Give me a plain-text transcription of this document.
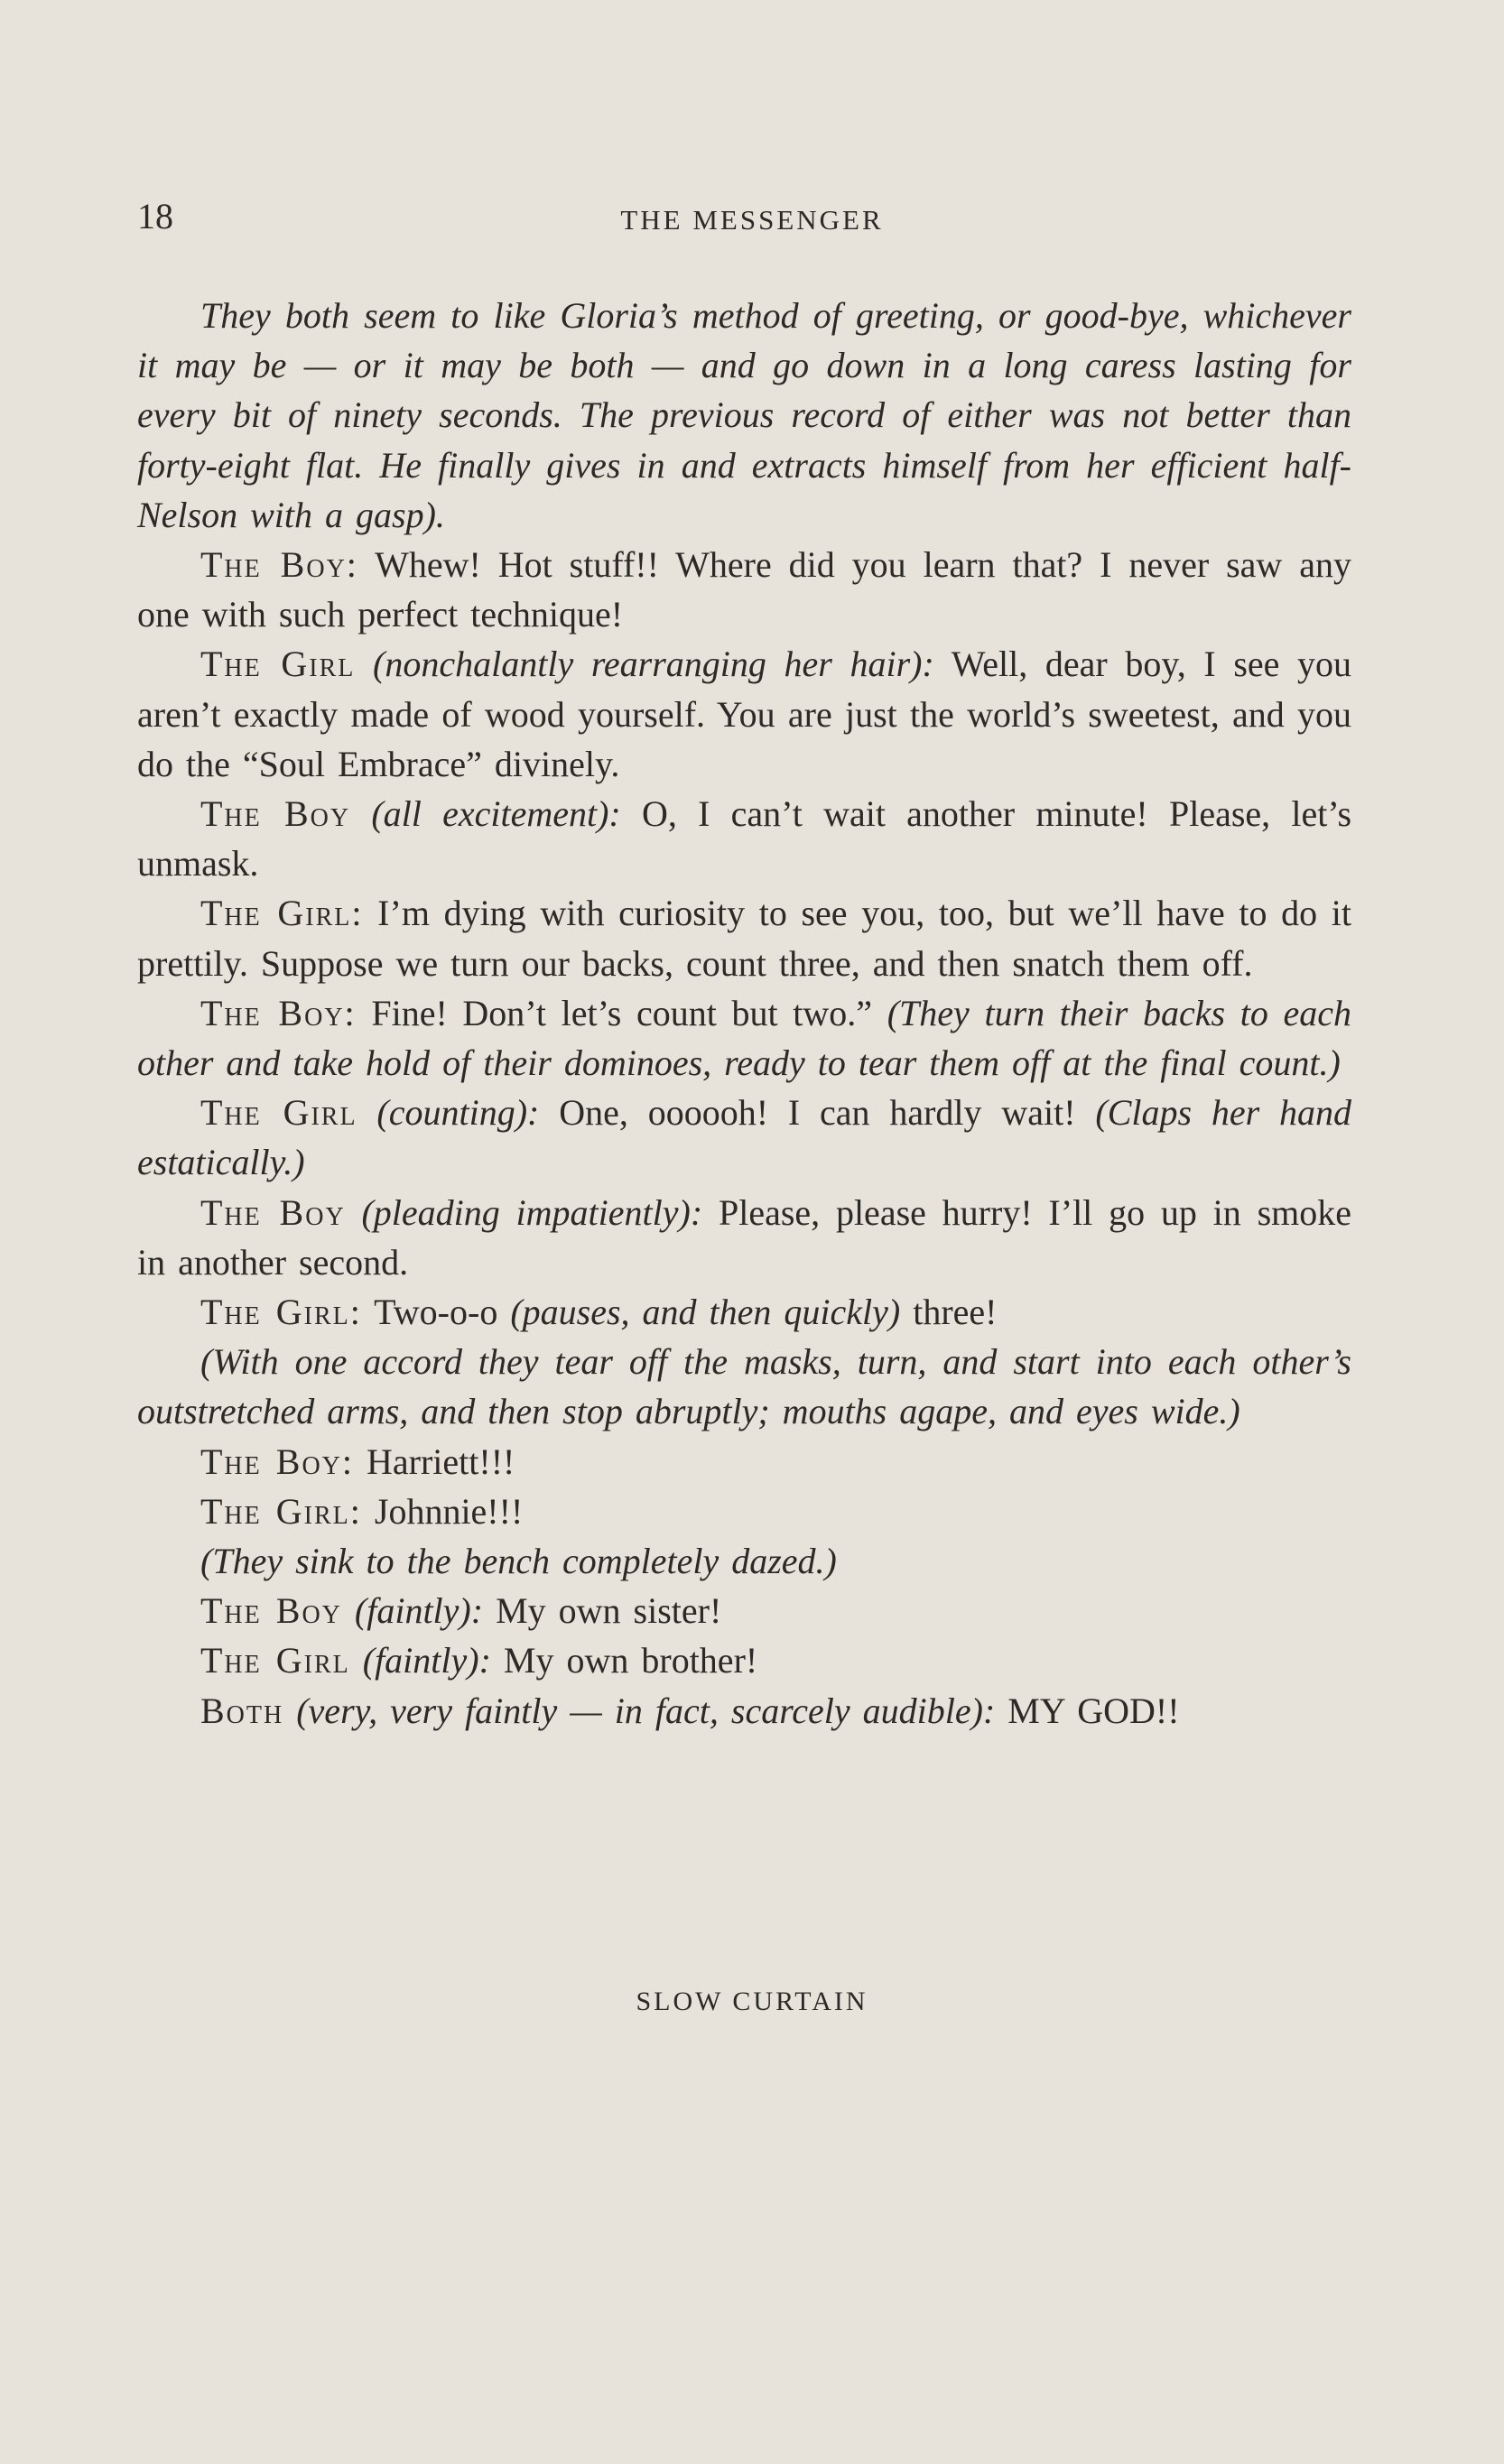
18	THE MESSENGER

They both seem to like Gloria’s method of greeting, or good-bye, whichever it may be — or it may be both — and go down in a long caress lasting for every bit of ninety seconds. The previous record of either was not better than forty-eight flat. He finally gives in and extracts himself from her efficient half-Nelson with a gasp).

The Boy: Whew! Hot stuff!! Where did you learn that? I never saw any one with such perfect technique!

The Girl (nonchalantly rearranging her hair): Well, dear boy, I see you aren’t exactly made of wood yourself. You are just the world’s sweetest, and you do the “Soul Embrace” divinely.

The Boy (all excitement): O, I can’t wait another minute! Please, let’s unmask.

The Girl: I’m dying with curiosity to see you, too, but we’ll have to do it prettily. Suppose we turn our backs, count three, and then snatch them off.

The Boy: Fine! Don’t let’s count but two.” (They turn their backs to each other and take hold of their dominoes, ready to tear them off at the final count.)

The Girl (counting): One, oooooh! I can hardly wait! (Claps her hand estatically.)

The Boy (pleading impatiently): Please, please hurry! I’ll go up in smoke in another second.

The Girl: Two-o-o (pauses, and then quickly) three!

(With one accord they tear off the masks, turn, and start into each other’s outstretched arms, and then stop abruptly; mouths agape, and eyes wide.)

The Boy: Harriett!!!

The Girl: Johnnie!!!

(They sink to the bench completely dazed.)

The Boy (faintly): My own sister!

The Girl (faintly): My own brother!

Both (very, very faintly — in fact, scarcely audible): MY GOD!!

SLOW CURTAIN
